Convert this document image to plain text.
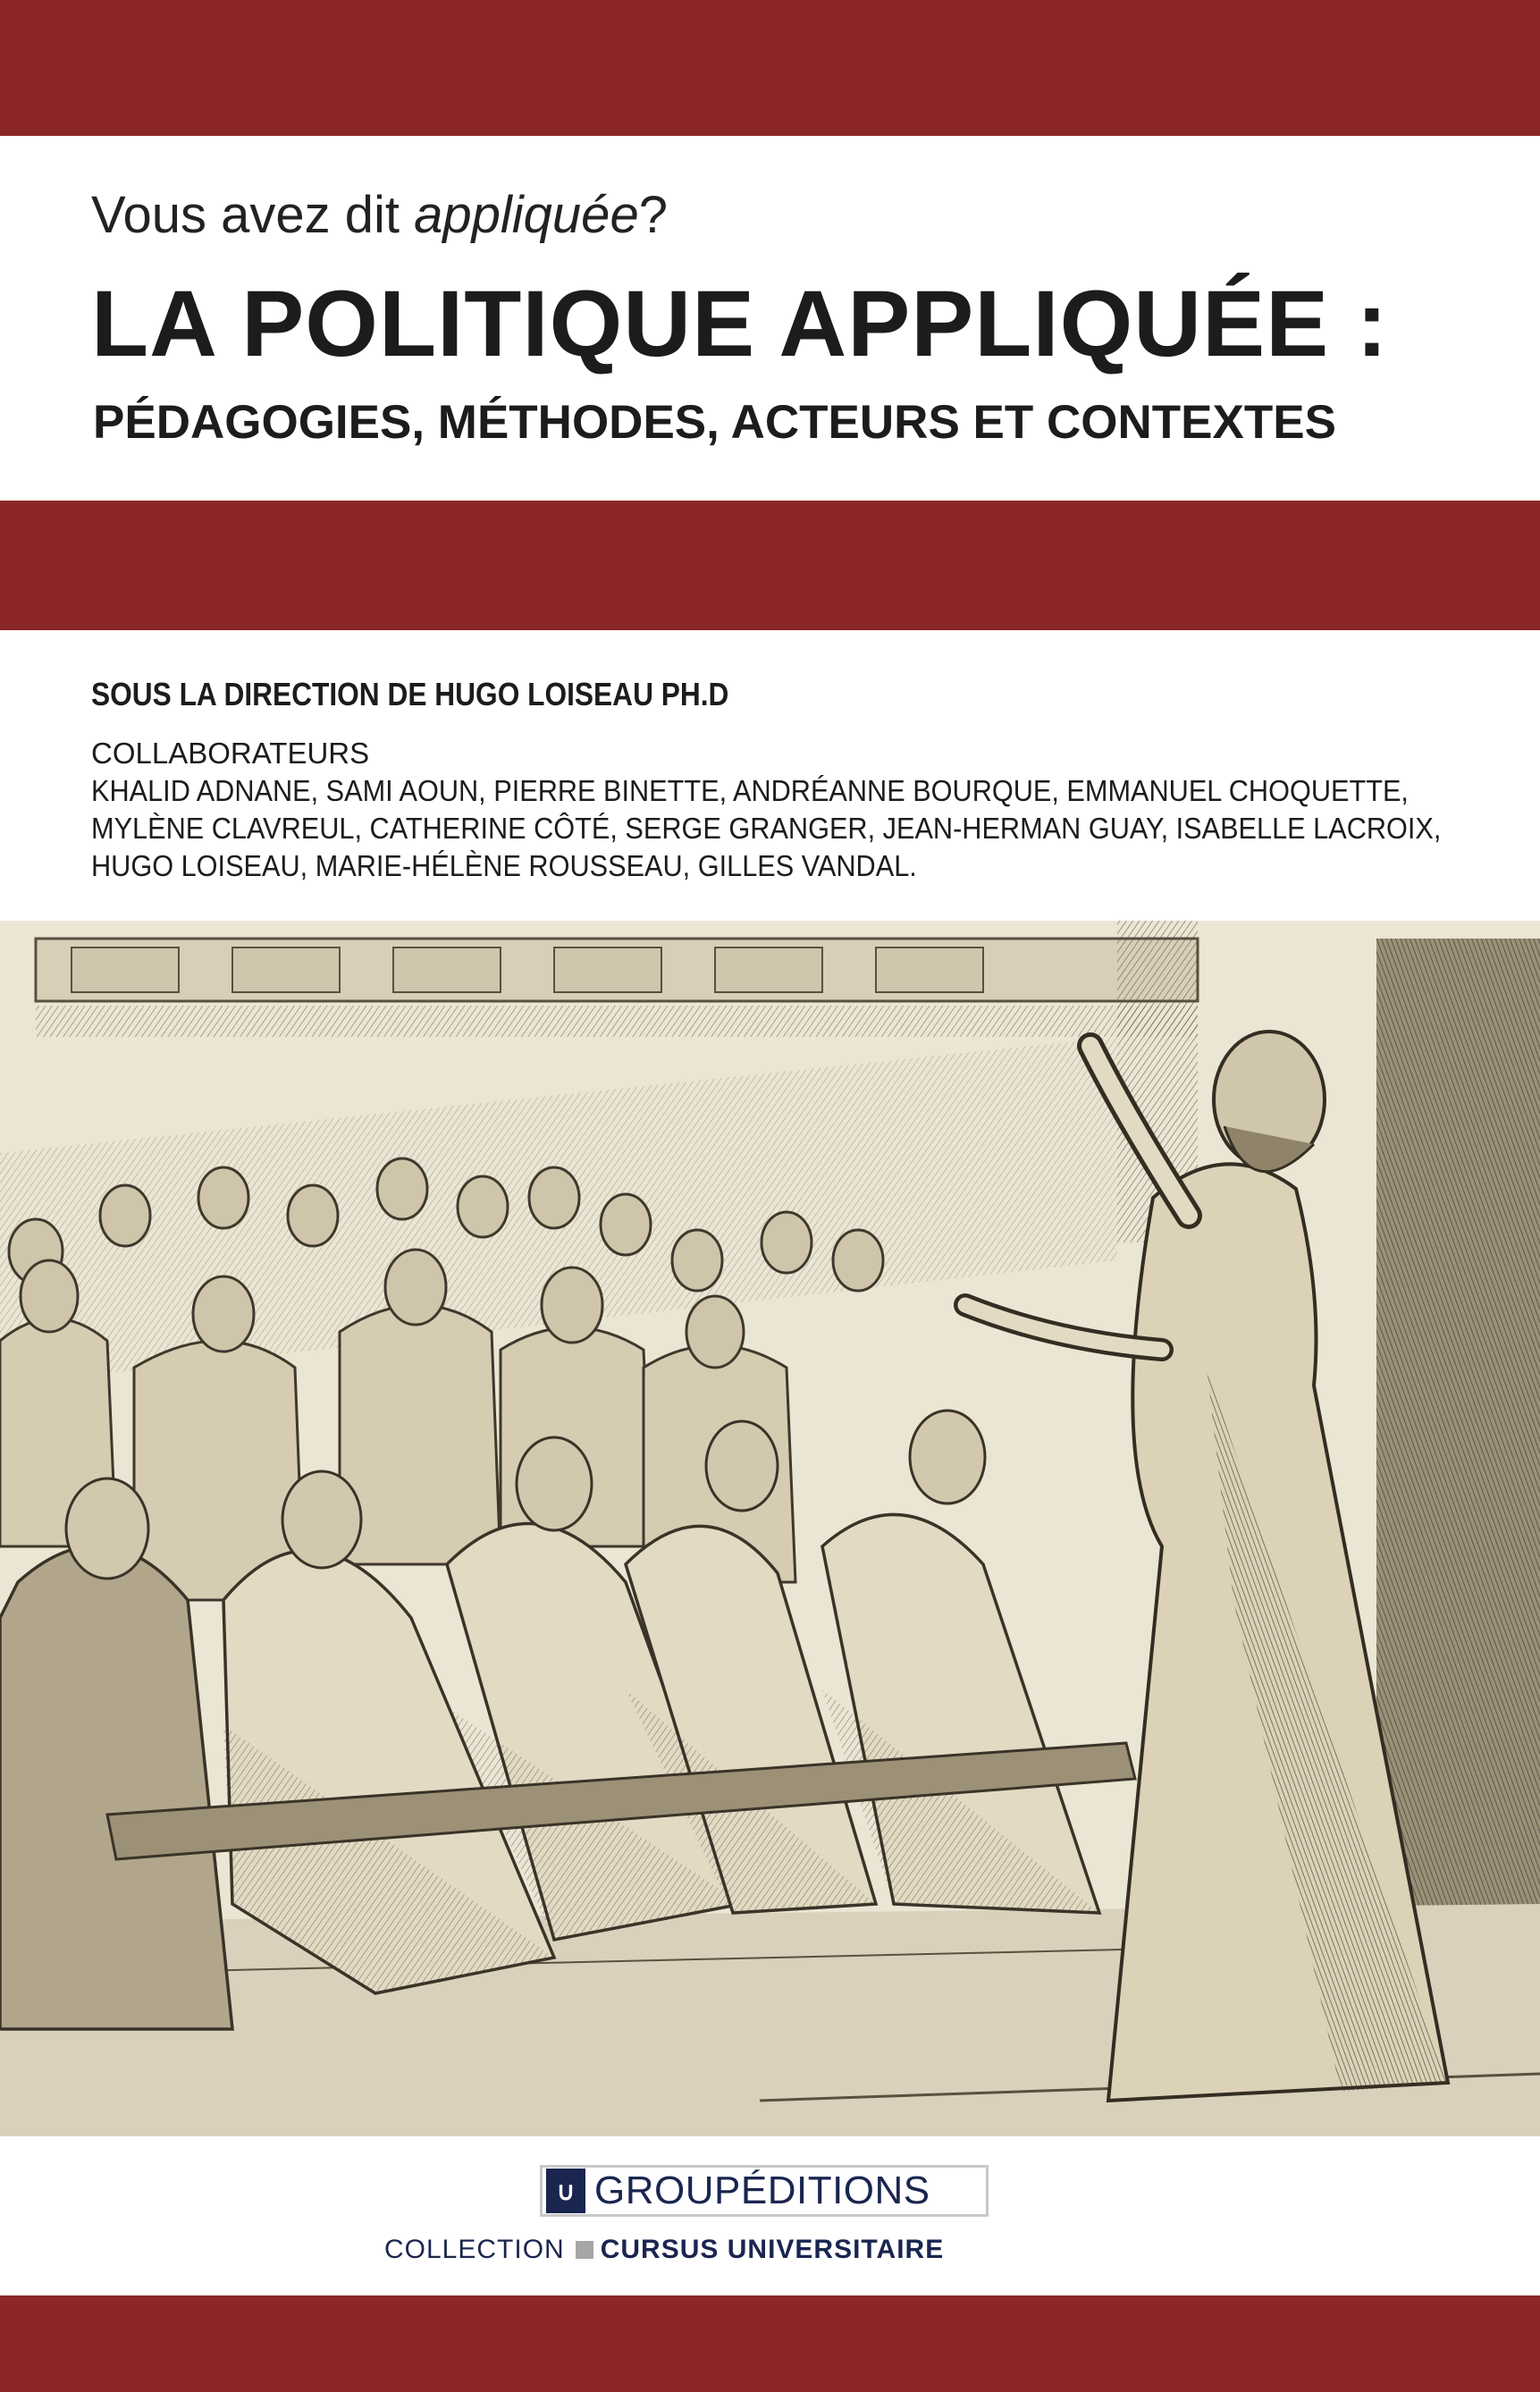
Vous avez dit appliquée?
LA POLITIQUE APPLIQUÉE :
PÉDAGOGIES, MÉTHODES, ACTEURS ET CONTEXTES
SOUS LA DIRECTION DE HUGO LOISEAU PH.D
COLLABORATEURS
KHALID ADNANE, SAMI AOUN, PIERRE BINETTE, ANDRÉANNE BOURQUE, EMMANUEL CHOQUETTE,
MYLÈNE CLAVREUL, CATHERINE CÔTÉ, SERGE GRANGER, JEAN-HERMAN GUAY, ISABELLE LACROIX,
HUGO LOISEAU, MARIE-HÉLÈNE ROUSSEAU, GILLES VANDAL.
∪ GROUPÉDITIONS
COLLECTION CURSUS UNIVERSITAIRE
